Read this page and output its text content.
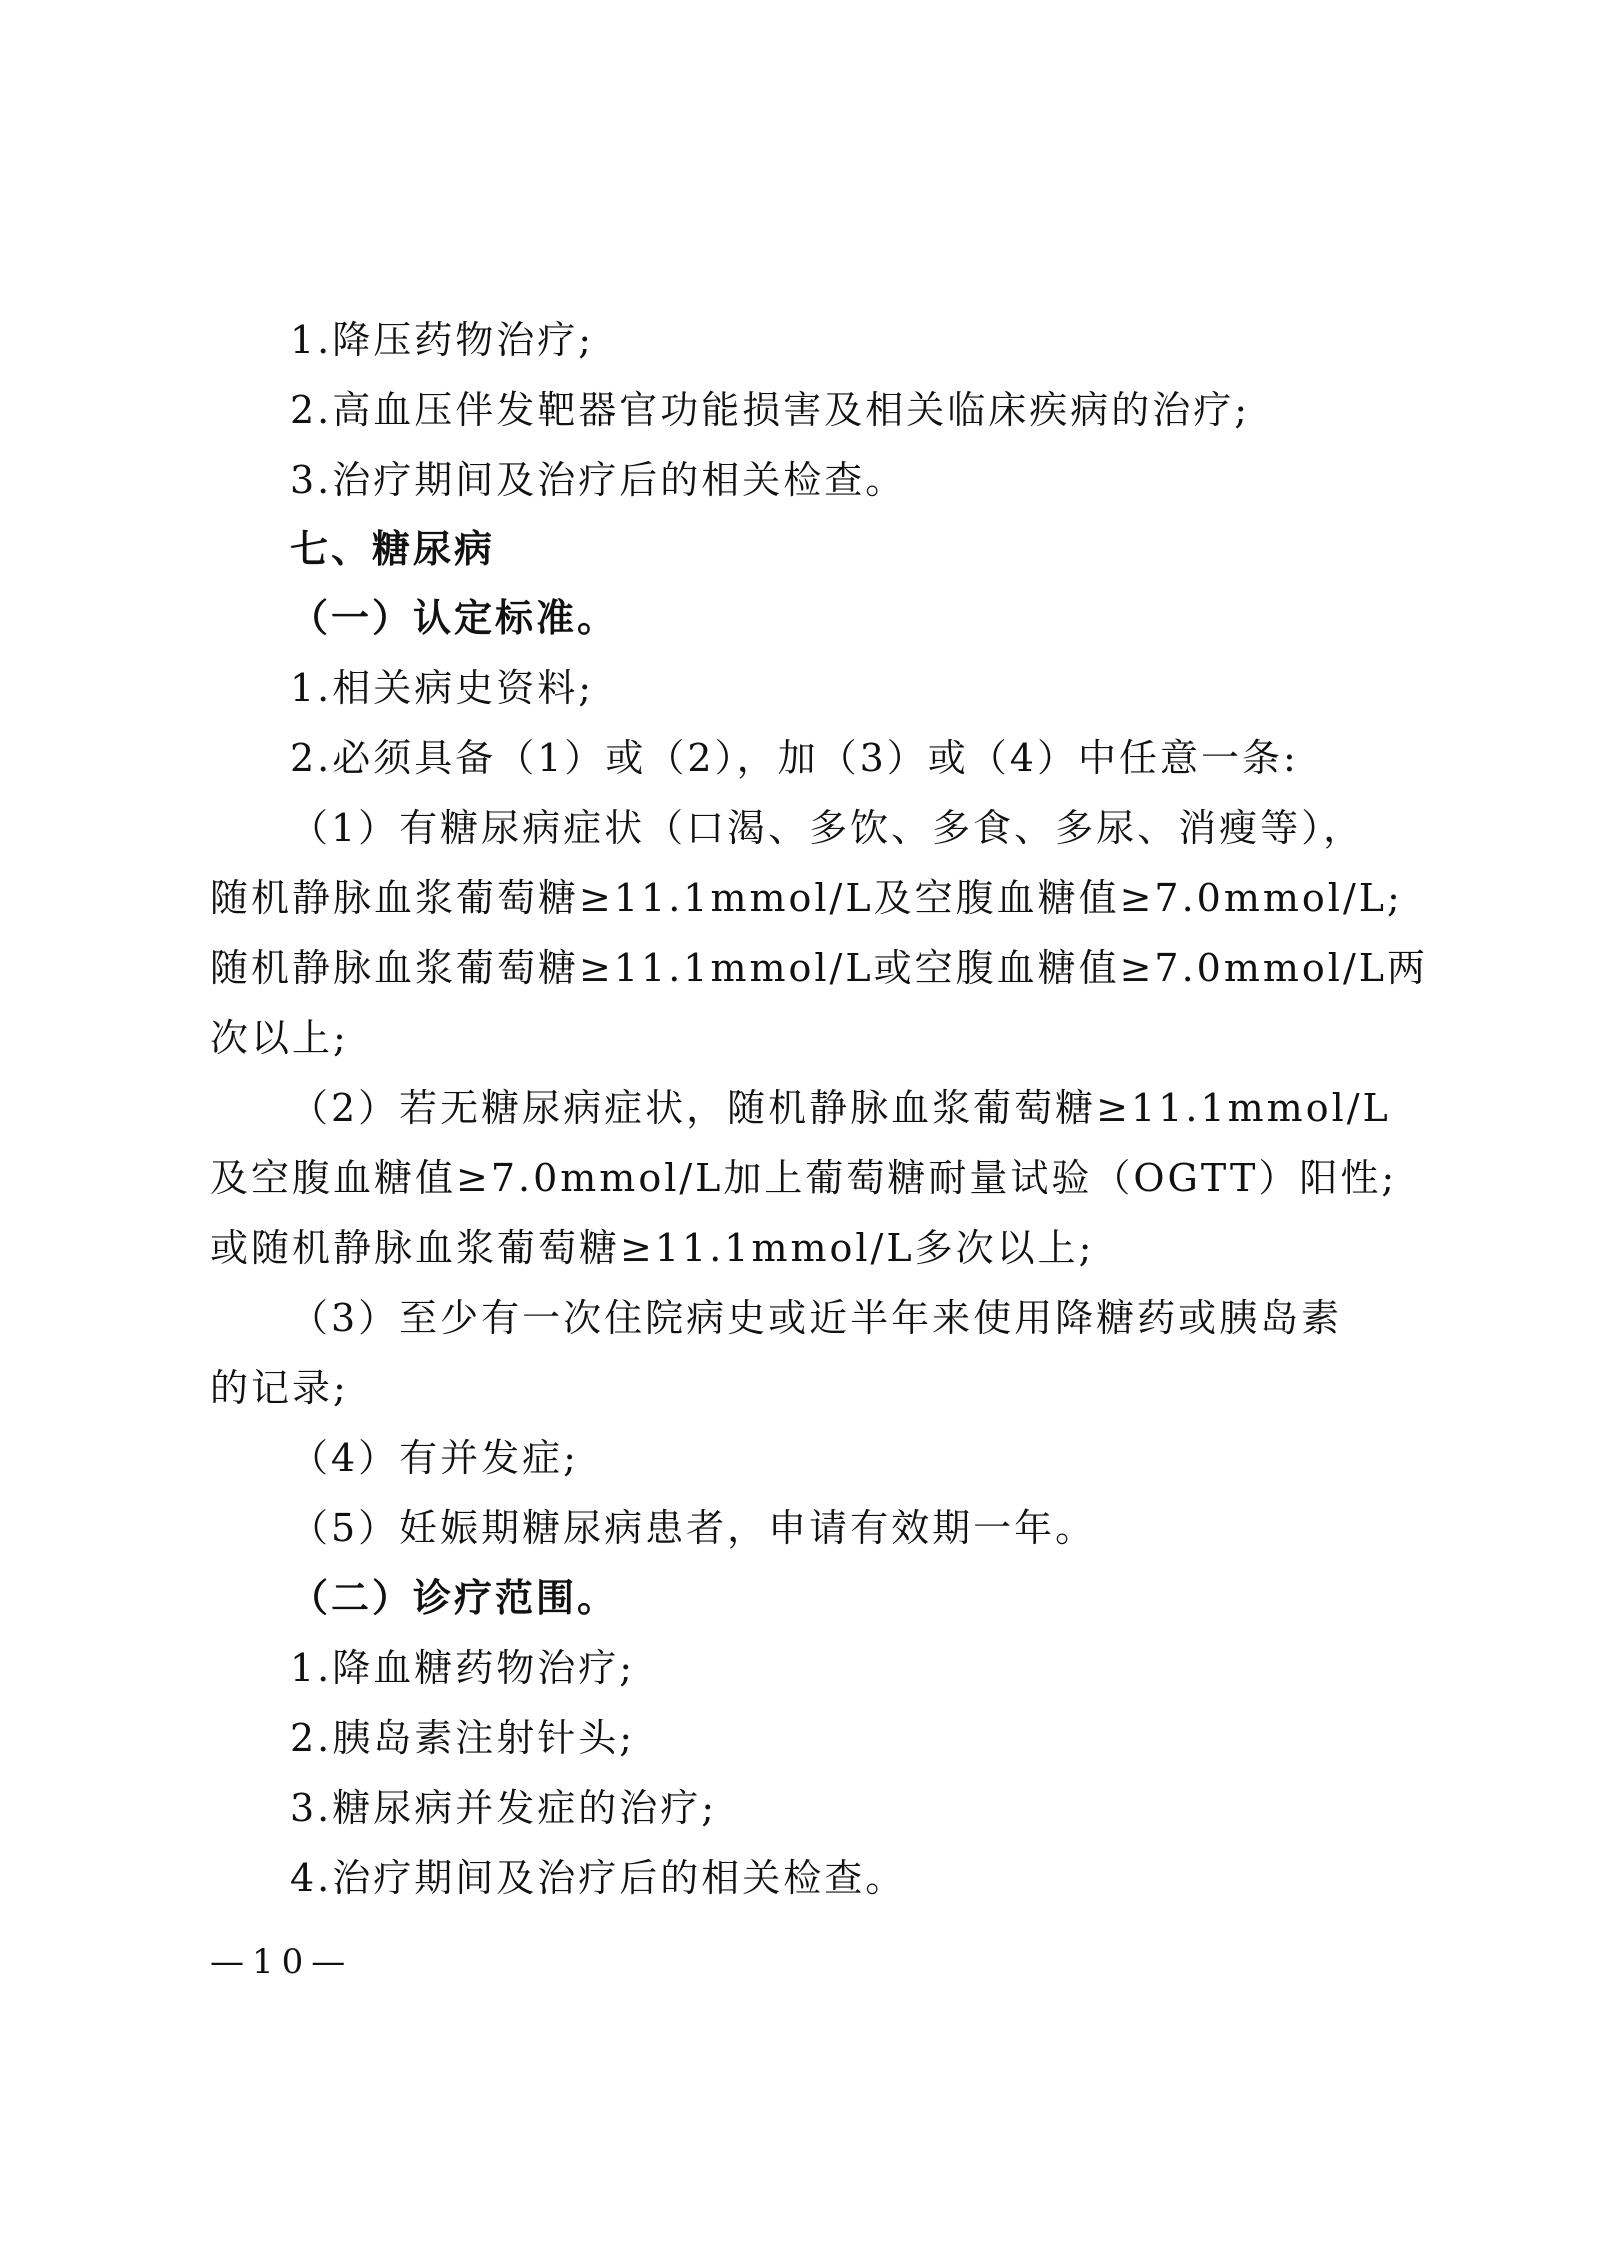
1.降压药物治疗;
2.高血压伴发靶器官功能损害及相关临床疾病的治疗;
3.治疗期间及治疗后的相关检查。
七、糖尿病
（一）认定标准。
1.相关病史资料;
2.必须具备（1）或（2），加（3）或（4）中任意一条:
（1）有糖尿病症状（口渴、多饮、多食、多尿、消瘦等），
随机静脉血浆葡萄糖≥11.1mmol/L及空腹血糖值≥7.0mmol/L;
随机静脉血浆葡萄糖≥11.1mmol/L或空腹血糖值≥7.0mmol/L两
次以上;
（2）若无糖尿病症状，随机静脉血浆葡萄糖≥11.1mmol/L
及空腹血糖值≥7.0mmol/L加上葡萄糖耐量试验（OGTT）阳性;
或随机静脉血浆葡萄糖≥11.1mmol/L多次以上;
（3）至少有一次住院病史或近半年来使用降糖药或胰岛素
的记录;
（4）有并发症;
（5）妊娠期糖尿病患者，申请有效期一年。
（二）诊疗范围。
1.降血糖药物治疗;
2.胰岛素注射针头;
3.糖尿病并发症的治疗;
4.治疗期间及治疗后的相关检查。
—10—
